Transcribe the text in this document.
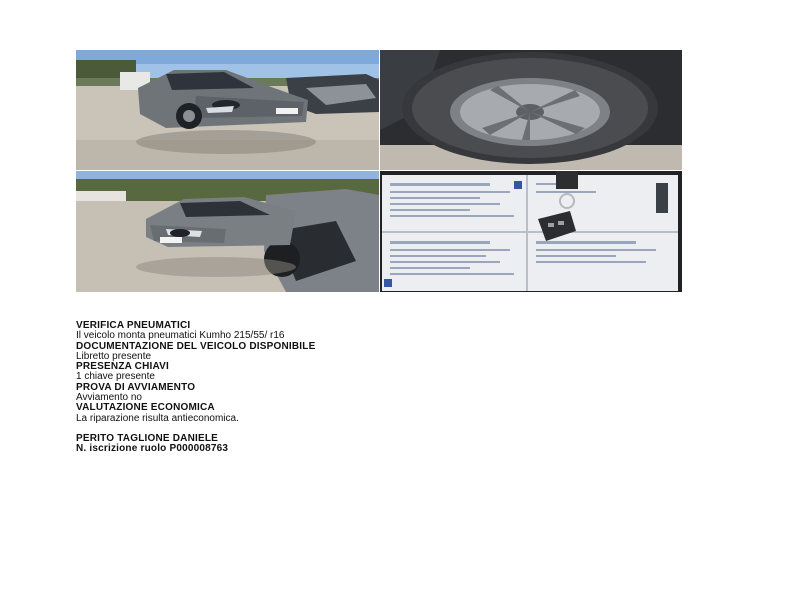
VERIFICA PNEUMATICI
Il veicolo monta pneumatici Kumho 215/55/ r16
DOCUMENTAZIONE DEL VEICOLO DISPONIBILE
Libretto presente
PRESENZA CHIAVI
1 chiave presente
PROVA DI AVVIAMENTO
Avviamento no
VALUTAZIONE ECONOMICA
La riparazione risulta antieconomica.
PERITO TAGLIONE DANIELE
N. iscrizione ruolo P000008763
